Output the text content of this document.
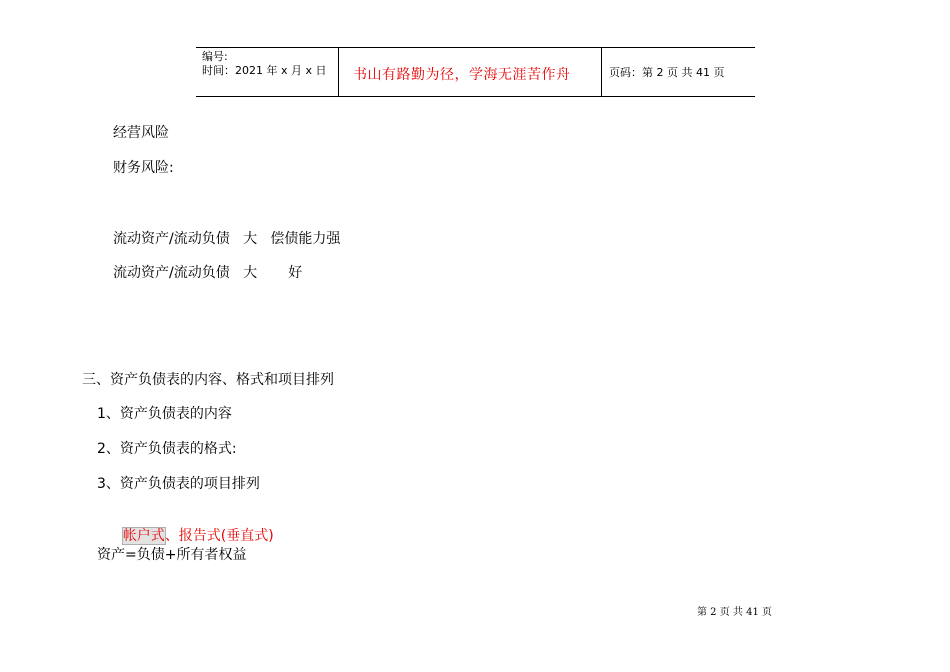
编号:
时间：2021 年 x 月 x 日 书山有路勤为径，学海无涯苦作舟	页码：第 2 页 共 41 页
经营风险
财务风险:
流动资产/流动负债   大   偿债能力强
流动资产/流动负债   大       好
三、资产负债表的内容、格式和项目排列
1、资产负债表的内容
2、资产负债表的格式:
3、资产负债表的项目排列

帐户式、报告式(垂直式)

资产=负债+所有者权益
第 2 页 共 41 页
